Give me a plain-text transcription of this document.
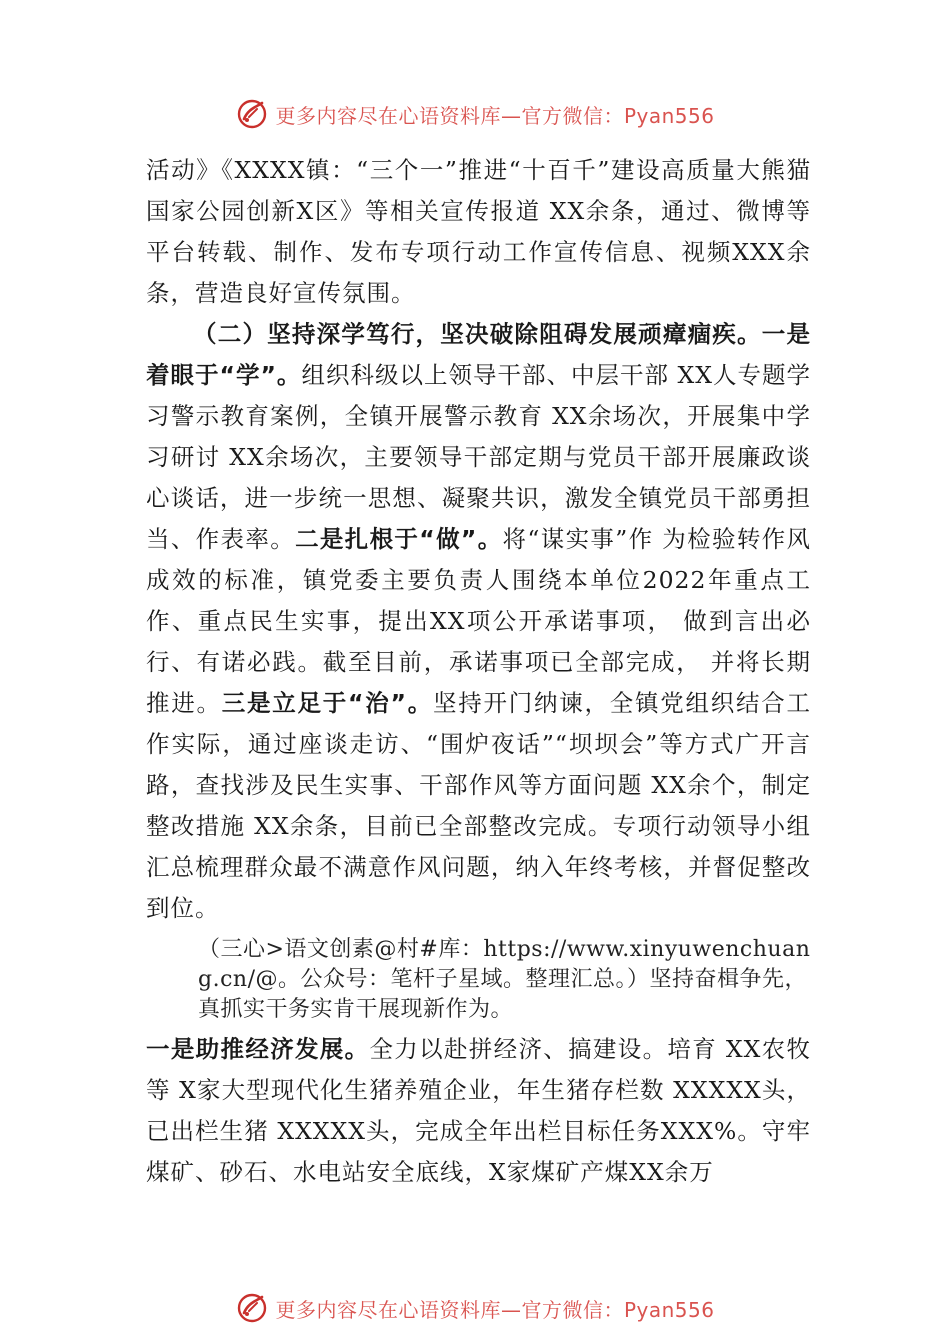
更多内容尽在心语资料库—官方微信：Pyan556

活动》《XXXX镇：“三个一”推进“十百千”建设高质量大熊猫国家公园创新X区》等相关宣传报道 XX余条，通过、微博等平台转载、制作、发布专项行动工作宣传信息、视频XXX余条，营造良好宣传氛围。

（二）坚持深学笃行，坚决破除阻碍发展顽瘴痼疾。一是着眼于“学”。组织科级以上领导干部、中层干部 XX人专题学习警示教育案例，全镇开展警示教育 XX余场次，开展集中学习研讨 XX余场次，主要领导干部定期与党员干部开展廉政谈心谈话，进一步统一思想、凝聚共识，激发全镇党员干部勇担当、作表率。二是扎根于“做”。将“谋实事”作 为检验转作风成效的标准，镇党委主要负责人围绕本单位2022年重点工作、重点民生实事，提出XX项公开承诺事项， 做到言出必行、有诺必践。截至目前，承诺事项已全部完成， 并将长期推进。三是立足于“治”。坚持开门纳谏，全镇党组织结合工作实际，通过座谈走访、“围炉夜话”“坝坝会”等方式广开言路，查找涉及民生实事、干部作风等方面问题 XX余个，制定整改措施 XX余条，目前已全部整改完成。专项行动领导小组汇总梳理群众最不满意作风问题，纳入年终考核，并督促整改到位。

（三心>语文创素@村#库：https://www.xinyuwenchuang.cn/@。公众号：笔杆子星域。整理汇总。）坚持奋楫争先，真抓实干务实肯干展现新作为。

一是助推经济发展。全力以赴拼经济、搞建设。培育 XX农牧等 X家大型现代化生猪养殖企业，年生猪存栏数 XXXXX头，已出栏生猪 XXXXX头，完成全年出栏目标任务XXX%。守牢煤矿、砂石、水电站安全底线，X家煤矿产煤XX余万

更多内容尽在心语资料库—官方微信：Pyan556
